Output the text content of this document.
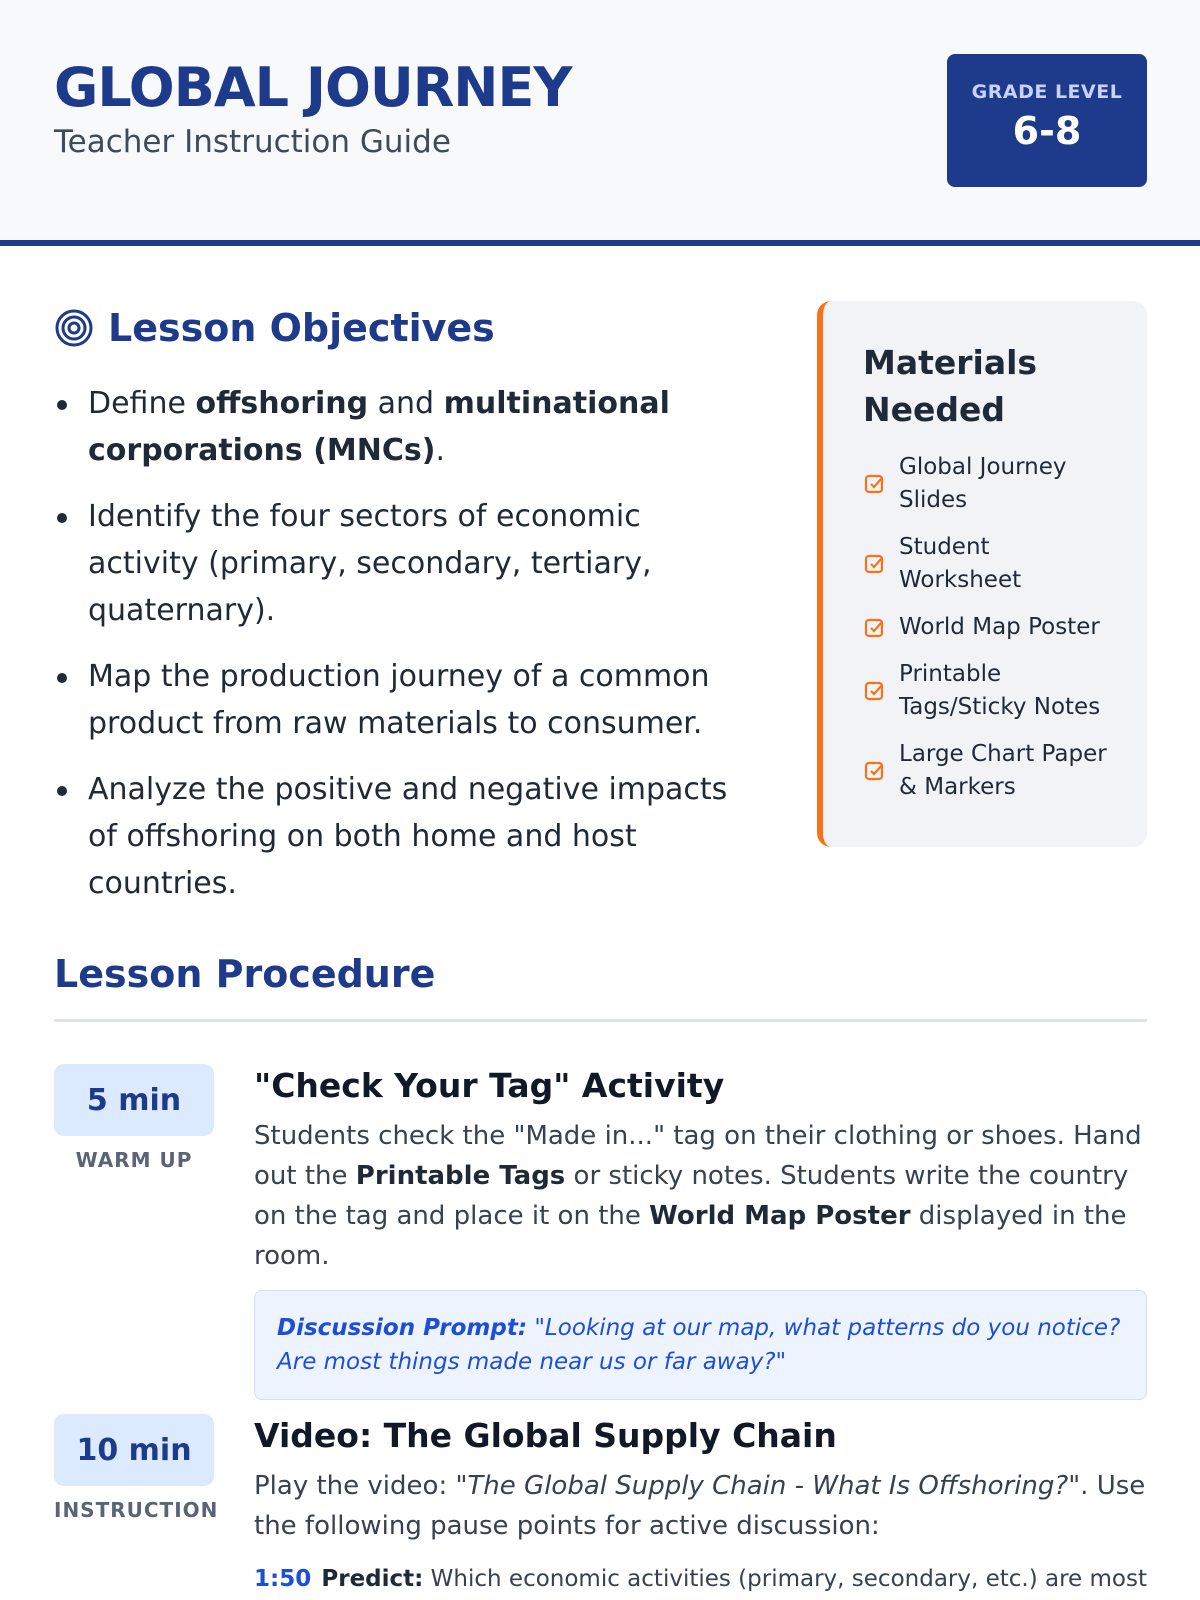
GLOBAL JOURNEY
Teacher Instruction Guide
GRADE LEVEL
6-8
Lesson Objectives
Define offshoring and multinational corporations (MNCs).
Identify the four sectors of economic activity (primary, secondary, tertiary, quaternary).
Map the production journey of a common product from raw materials to consumer.
Analyze the positive and negative impacts of offshoring on both home and host countries.
Materials Needed
Global Journey Slides
Student Worksheet
World Map Poster
Printable Tags/Sticky Notes
Large Chart Paper & Markers
Lesson Procedure
5 min
WARM UP
"Check Your Tag" Activity

Students check the "Made in..." tag on their clothing or shoes. Hand out the Printable Tags or sticky notes. Students write the country on the tag and place it on the World Map Poster displayed in the room.

Discussion Prompt: "Looking at our map, what patterns do you notice? Are most things made near us or far away?"
10 min
INSTRUCTION
Video: The Global Supply Chain

Play the video: "The Global Supply Chain - What Is Offshoring?". Use the following pause points for active discussion:

1:50 Predict: Which economic activities (primary, secondary, etc.) are most
